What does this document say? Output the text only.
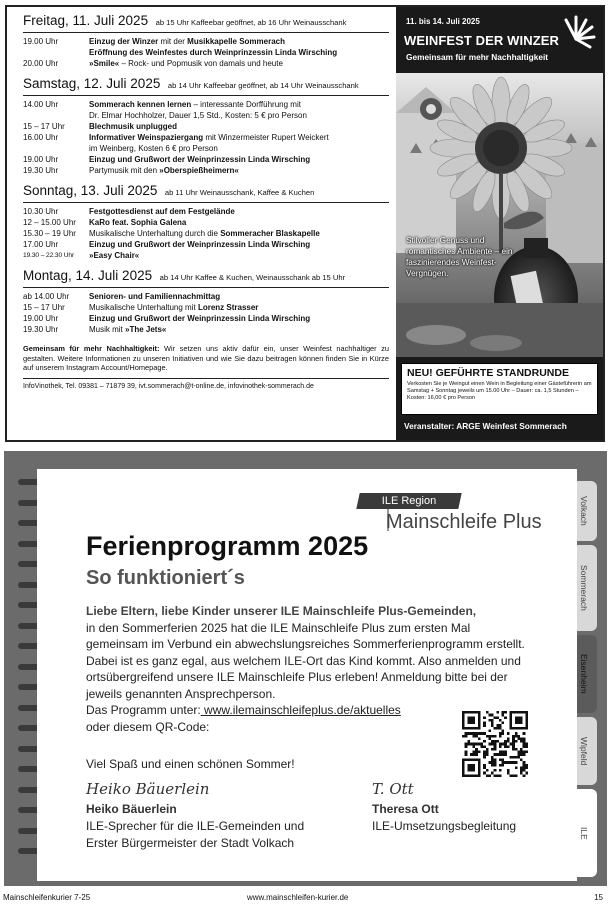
Freitag, 11. Juli 2025 ab 15 Uhr Kaffeebar geöffnet, ab 16 Uhr Weinausschank
19.00 Uhr	Einzug der Winzer mit der Musikkapelle Sommerach
Eröffnung des Weinfestes durch Weinprinzessin Linda Wirsching
20.00 Uhr	»Smile« – Rock- und Popmusik von damals und heute
Samstag, 12. Juli 2025 ab 14 Uhr Kaffeebar geöffnet, ab 14 Uhr Weinausschank
14.00 Uhr	Sommerach kennen lernen – interessante Dorfführung mit
Dr. Elmar Hochholzer, Dauer 1,5 Std., Kosten: 5 € pro Person
15 – 17 Uhr	Blechmusik unplugged
16.00 Uhr	Informativer Weinspaziergang mit Winzermeister Rupert Weickert
im Weinberg, Kosten 6 € pro Person
19.00 Uhr	Einzug und Grußwort der Weinprinzessin Linda Wirsching
19.30 Uhr	Partymusik mit den »Oberspießheimern«
Sonntag, 13. Juli 2025 ab 11 Uhr Weinausschank, Kaffee & Kuchen
10.30 Uhr	Festgottesdienst auf dem Festgelände
12 – 15.00 Uhr	KaRo feat. Sophia Galena
15.30 – 19 Uhr	Musikalische Unterhaltung durch die Sommeracher Blaskapelle
17.00 Uhr	Einzug und Grußwort der Weinprinzessin Linda Wirsching
19.30 – 22.30 Uhr	»Easy Chair«
Montag, 14. Juli 2025 ab 14 Uhr Kaffee & Kuchen, Weinausschank ab 15 Uhr
ab 14.00 Uhr	Senioren- und Familiennachmittag
15 – 17 Uhr	Musikalische Unterhaltung mit Lorenz Strasser
19.00 Uhr	Einzug und Grußwort der Weinprinzessin Linda Wirsching
19.30 Uhr	Musik mit »The Jets«
Gemeinsam für mehr Nachhaltigkeit: Wir setzen uns aktiv dafür ein, unser Weinfest nachhaltiger zu gestalten. Weitere Informationen zu unseren Initiativen und wie Sie dazu beitragen können finden Sie in Kürze auf unserem Instagram Account/Homepage.
InfoVinothek, Tel. 09381 – 71879 39, ivt.sommerach@t-online.de, infovinothek-sommerach.de
11. bis 14. Juli 2025
WEINFEST DER WINZER
Gemeinsam für mehr Nachhaltigkeit
Stilvoller Genuss und romantisches Ambiente – ein faszinierendes Weinfest-Vergnügen.
NEU! GEFÜHRTE STANDRUNDE
Verkosten Sie je Weingut einen Wein in Begleitung einer Gästeführerin am Samstag + Sonntag jeweils um 15.00 Uhr – Dauer: ca. 1,5 Stunden – Kosten: 16,00 € pro Person
Veranstalter: ARGE Weinfest Sommerach
Volkach
Sommerach
Eisenheim
Wipfeld
ILE
ILE Region
Mainschleife Plus
Ferienprogramm 2025
So funktioniert´s
Liebe Eltern, liebe Kinder unserer ILE Mainschleife Plus-Gemeinden,
in den Sommerferien 2025 hat die ILE Mainschleife Plus zum ersten Mal gemeinsam im Verbund ein abwechslungsreiches Sommerferienprogramm erstellt. Dabei ist es ganz egal, aus welchem ILE-Ort das Kind kommt. Also anmelden und ortsübergreifend unsere ILE Mainschleife Plus erleben! Anmeldung bitte bei der jeweils genannten Ansprechperson.
Das Programm unter: www.ilemainschleifeplus.de/aktuelles
oder diesem QR-Code:
Viel Spaß und einen schönen Sommer!
Heiko Bäuerlein
Heiko Bäuerlein
ILE-Sprecher für die ILE-Gemeinden und
Erster Bürgermeister der Stadt Volkach
T. Ott
Theresa Ott
ILE-Umsetzungsbegleitung
Mainschleifenkurier 7-25	www.mainschleifen-kurier.de	15
